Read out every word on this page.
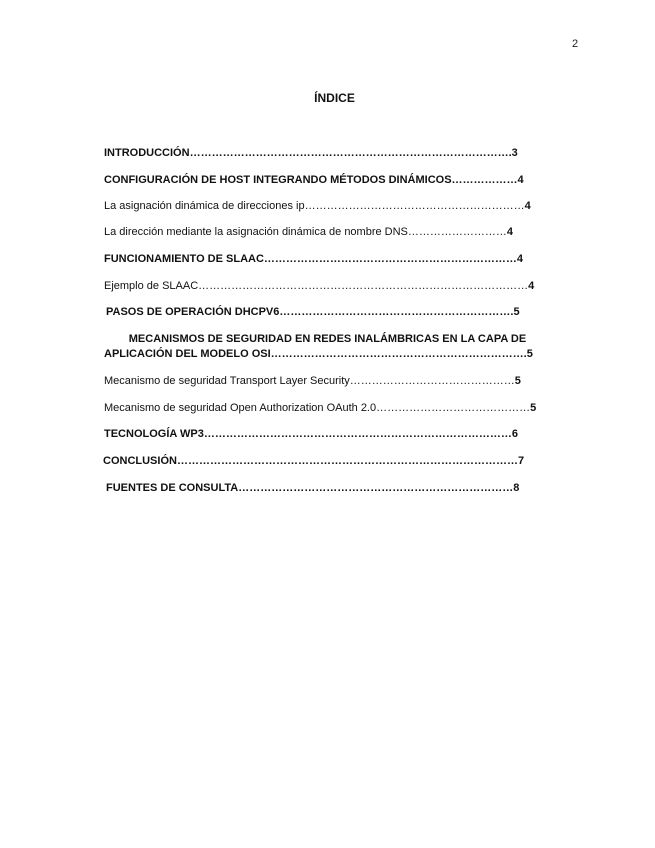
2
ÍNDICE
INTRODUCCIÓN…………………………………………………………………………….3
CONFIGURACIÓN DE HOST INTEGRANDO MÉTODOS DINÁMICOS………………4
La asignación dinámica de direcciones ip……………………………………………………4
La dirección mediante la asignación dinámica de nombre DNS………………………4
FUNCIONAMIENTO DE SLAAC……………………………………………………………4
Ejemplo de SLAAC………………………………………………………………………………4
PASOS DE OPERACIÓN DHCPV6……………………………………………………….5
MECANISMOS DE SEGURIDAD EN REDES INALÁMBRICAS EN LA CAPA DE
APLICACIÓN DEL MODELO OSI…………………………………………………………….5
Mecanismo de seguridad Transport Layer Security………………………………………5
Mecanismo de seguridad Open Authorization OAuth 2.0……………………………………5
TECNOLOGÍA WP3…………………………………………………………………………6
CONCLUSIÓN…………………………………………………………………………………7
FUENTES DE CONSULTA…………………………………………………………………8
